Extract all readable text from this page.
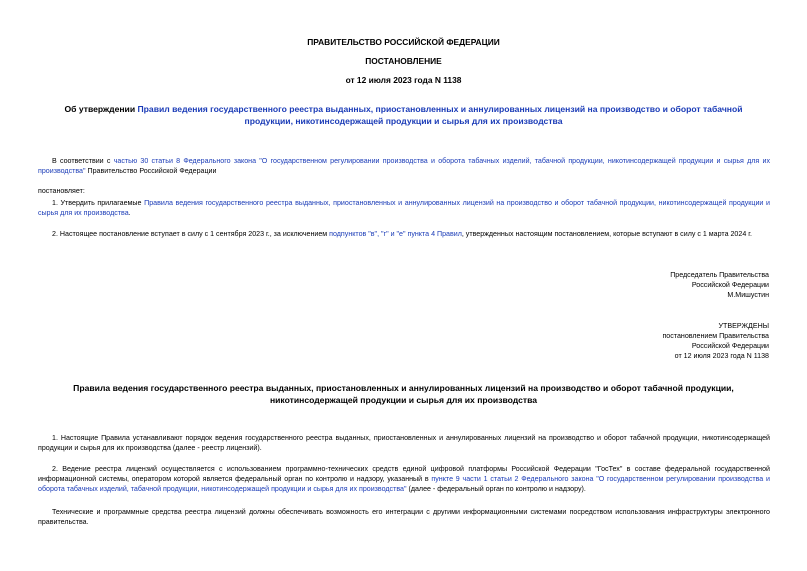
ПРАВИТЕЛЬСТВО РОССИЙСКОЙ ФЕДЕРАЦИИ
ПОСТАНОВЛЕНИЕ
от 12 июля 2023 года N 1138
Об утверждении Правил ведения государственного реестра выданных, приостановленных и аннулированных лицензий на производство и оборот табачной продукции, никотинсодержащей продукции и сырья для их производства
В соответствии с частью 30 статьи 8 Федерального закона "О государственном регулировании производства и оборота табачных изделий, табачной продукции, никотинсодержащей продукции и сырья для их производства" Правительство Российской Федерации
постановляет:
1. Утвердить прилагаемые Правила ведения государственного реестра выданных, приостановленных и аннулированных лицензий на производство и оборот табачной продукции, никотинсодержащей продукции и сырья для их производства.
2. Настоящее постановление вступает в силу с 1 сентября 2023 г., за исключением подпунктов "в", "г" и "е" пункта 4 Правил, утвержденных настоящим постановлением, которые вступают в силу с 1 марта 2024 г.
Председатель Правительства
Российской Федерации
М.Мишустин
УТВЕРЖДЕНЫ
постановлением Правительства
Российской Федерации
от 12 июля 2023 года N 1138
Правила ведения государственного реестра выданных, приостановленных и аннулированных лицензий на производство и оборот табачной продукции, никотинсодержащей продукции и сырья для их производства
1. Настоящие Правила устанавливают порядок ведения государственного реестра выданных, приостановленных и аннулированных лицензий на производство и оборот табачной продукции, никотинсодержащей продукции и сырья для их производства (далее - реестр лицензий).
2. Ведение реестра лицензий осуществляется с использованием программно-технических средств единой цифровой платформы Российской Федерации "ГосТех" в составе федеральной государственной информационной системы, оператором которой является федеральный орган по контролю и надзору, указанный в пункте 9 части 1 статьи 2 Федерального закона "О государственном регулировании производства и оборота табачных изделий, табачной продукции, никотинсодержащей продукции и сырья для их производства" (далее - федеральный орган по контролю и надзору).
Технические и программные средства реестра лицензий должны обеспечивать возможность его интеграции с другими информационными системами посредством использования инфраструктуры электронного правительства.
